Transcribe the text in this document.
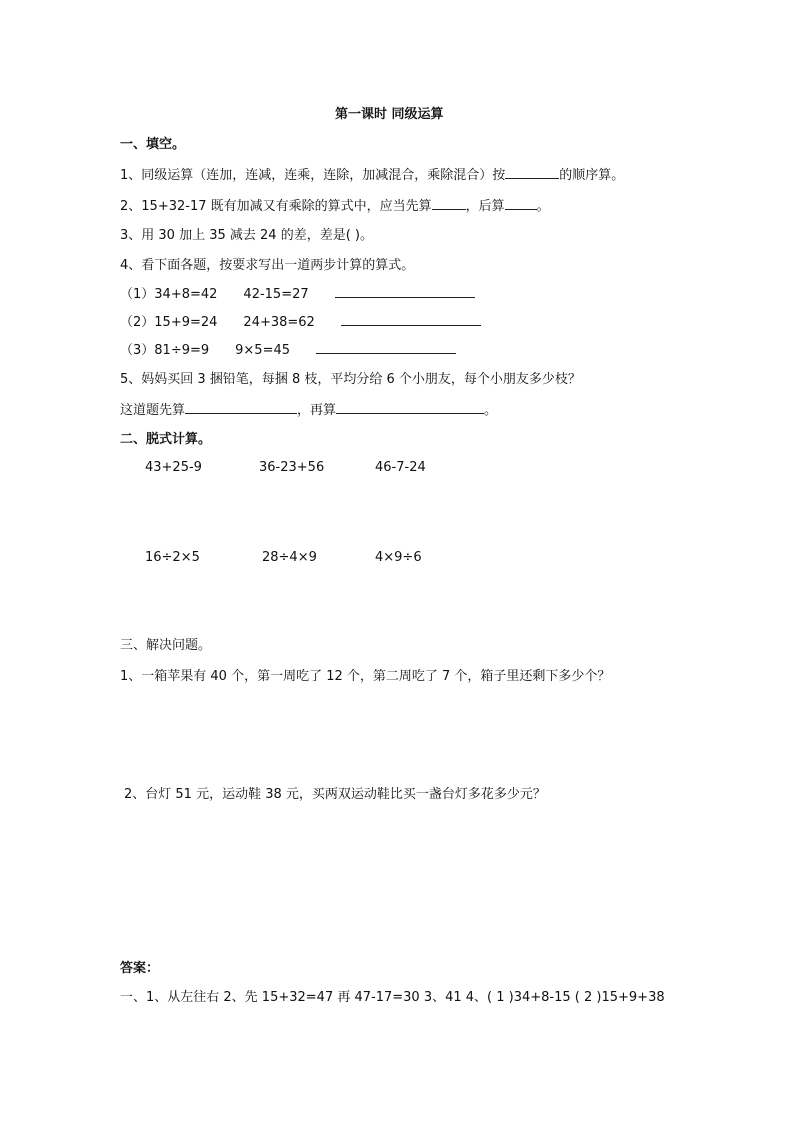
第一课时 同级运算
一、填空。
1、同级运算（连加，连减，连乘，连除，加减混合，乘除混合）按	的顺序算。
2、15+32-17 既有加减又有乘除的算式中，应当先算	，后算 。
3、用 30 加上 35 减去 24 的差，差是( )。
4、看下面各题，按要求写出一道两步计算的算式。
（1）34+8=42 42-15=27
（2）15+9=24 24+38=62
（3）81÷9=9 9×5=45
5、妈妈买回 3 捆铅笔，每捆 8 枝，平均分给 6 个小朋友，每个小朋友多少枝？
这道题先算	，再算	。
二、脱式计算。
43+25-9	36-23+56	46-7-24
16÷2×5	28÷4×9	4×9÷6
三、解决问题。
1、一箱苹果有 40 个，第一周吃了 12 个，第二周吃了 7 个，箱子里还剩下多少个？
2、台灯 51 元，运动鞋 38 元，买两双运动鞋比买一盏台灯多花多少元？
答案：
一、1、从左往右 2、先 15+32=47 再 47-17=30 3、41 4、( 1 )34+8-15 ( 2 )15+9+38
